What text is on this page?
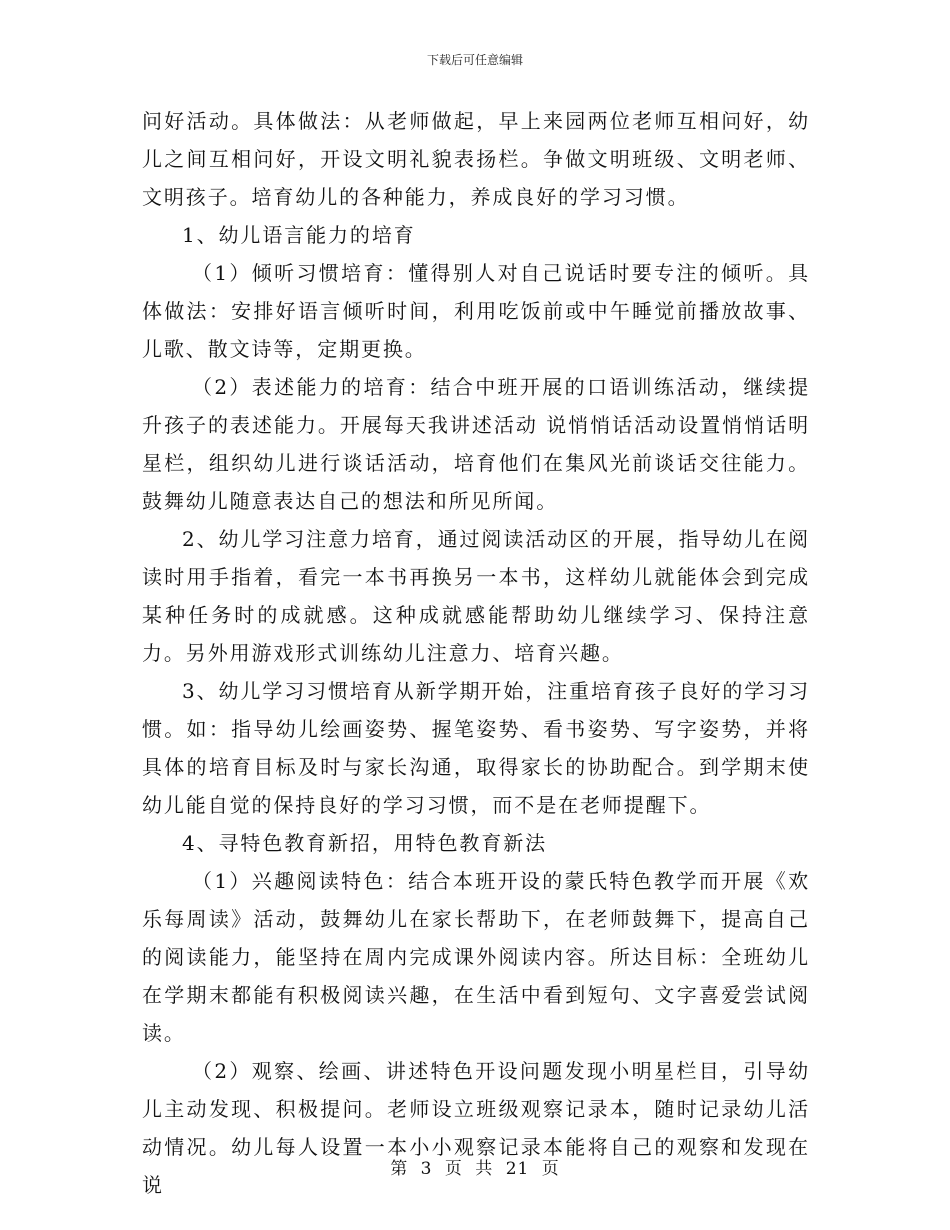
下载后可任意编辑

问好活动。具体做法：从老师做起，早上来园两位老师互相问好，幼儿之间互相问好，开设文明礼貌表扬栏。争做文明班级、文明老师、文明孩子。培育幼儿的各种能力，养成良好的学习习惯。

1、幼儿语言能力的培育

（1）倾听习惯培育：懂得别人对自己说话时要专注的倾听。具体做法：安排好语言倾听时间，利用吃饭前或中午睡觉前播放故事、儿歌、散文诗等，定期更换。

（2）表述能力的培育：结合中班开展的口语训练活动，继续提升孩子的表述能力。开展每天我讲述活动 说悄悄话活动设置悄悄话明星栏，组织幼儿进行谈话活动，培育他们在集风光前谈话交往能力。鼓舞幼儿随意表达自己的想法和所见所闻。

2、幼儿学习注意力培育，通过阅读活动区的开展，指导幼儿在阅读时用手指着，看完一本书再换另一本书，这样幼儿就能体会到完成某种任务时的成就感。这种成就感能帮助幼儿继续学习、保持注意力。另外用游戏形式训练幼儿注意力、培育兴趣。

3、幼儿学习习惯培育从新学期开始，注重培育孩子良好的学习习惯。如：指导幼儿绘画姿势、握笔姿势、看书姿势、写字姿势，并将具体的培育目标及时与家长沟通，取得家长的协助配合。到学期末使幼儿能自觉的保持良好的学习习惯，而不是在老师提醒下。

4、寻特色教育新招，用特色教育新法

（1）兴趣阅读特色：结合本班开设的蒙氏特色教学而开展《欢乐每周读》活动，鼓舞幼儿在家长帮助下，在老师鼓舞下，提高自己的阅读能力，能坚持在周内完成课外阅读内容。所达目标：全班幼儿在学期末都能有积极阅读兴趣，在生活中看到短句、文字喜爱尝试阅读。

（2）观察、绘画、讲述特色开设问题发现小明星栏目，引导幼儿主动发现、积极提问。老师设立班级观察记录本，随时记录幼儿活动情况。幼儿每人设置一本小小观察记录本能将自己的观察和发现在说

第 3 页 共 21 页
